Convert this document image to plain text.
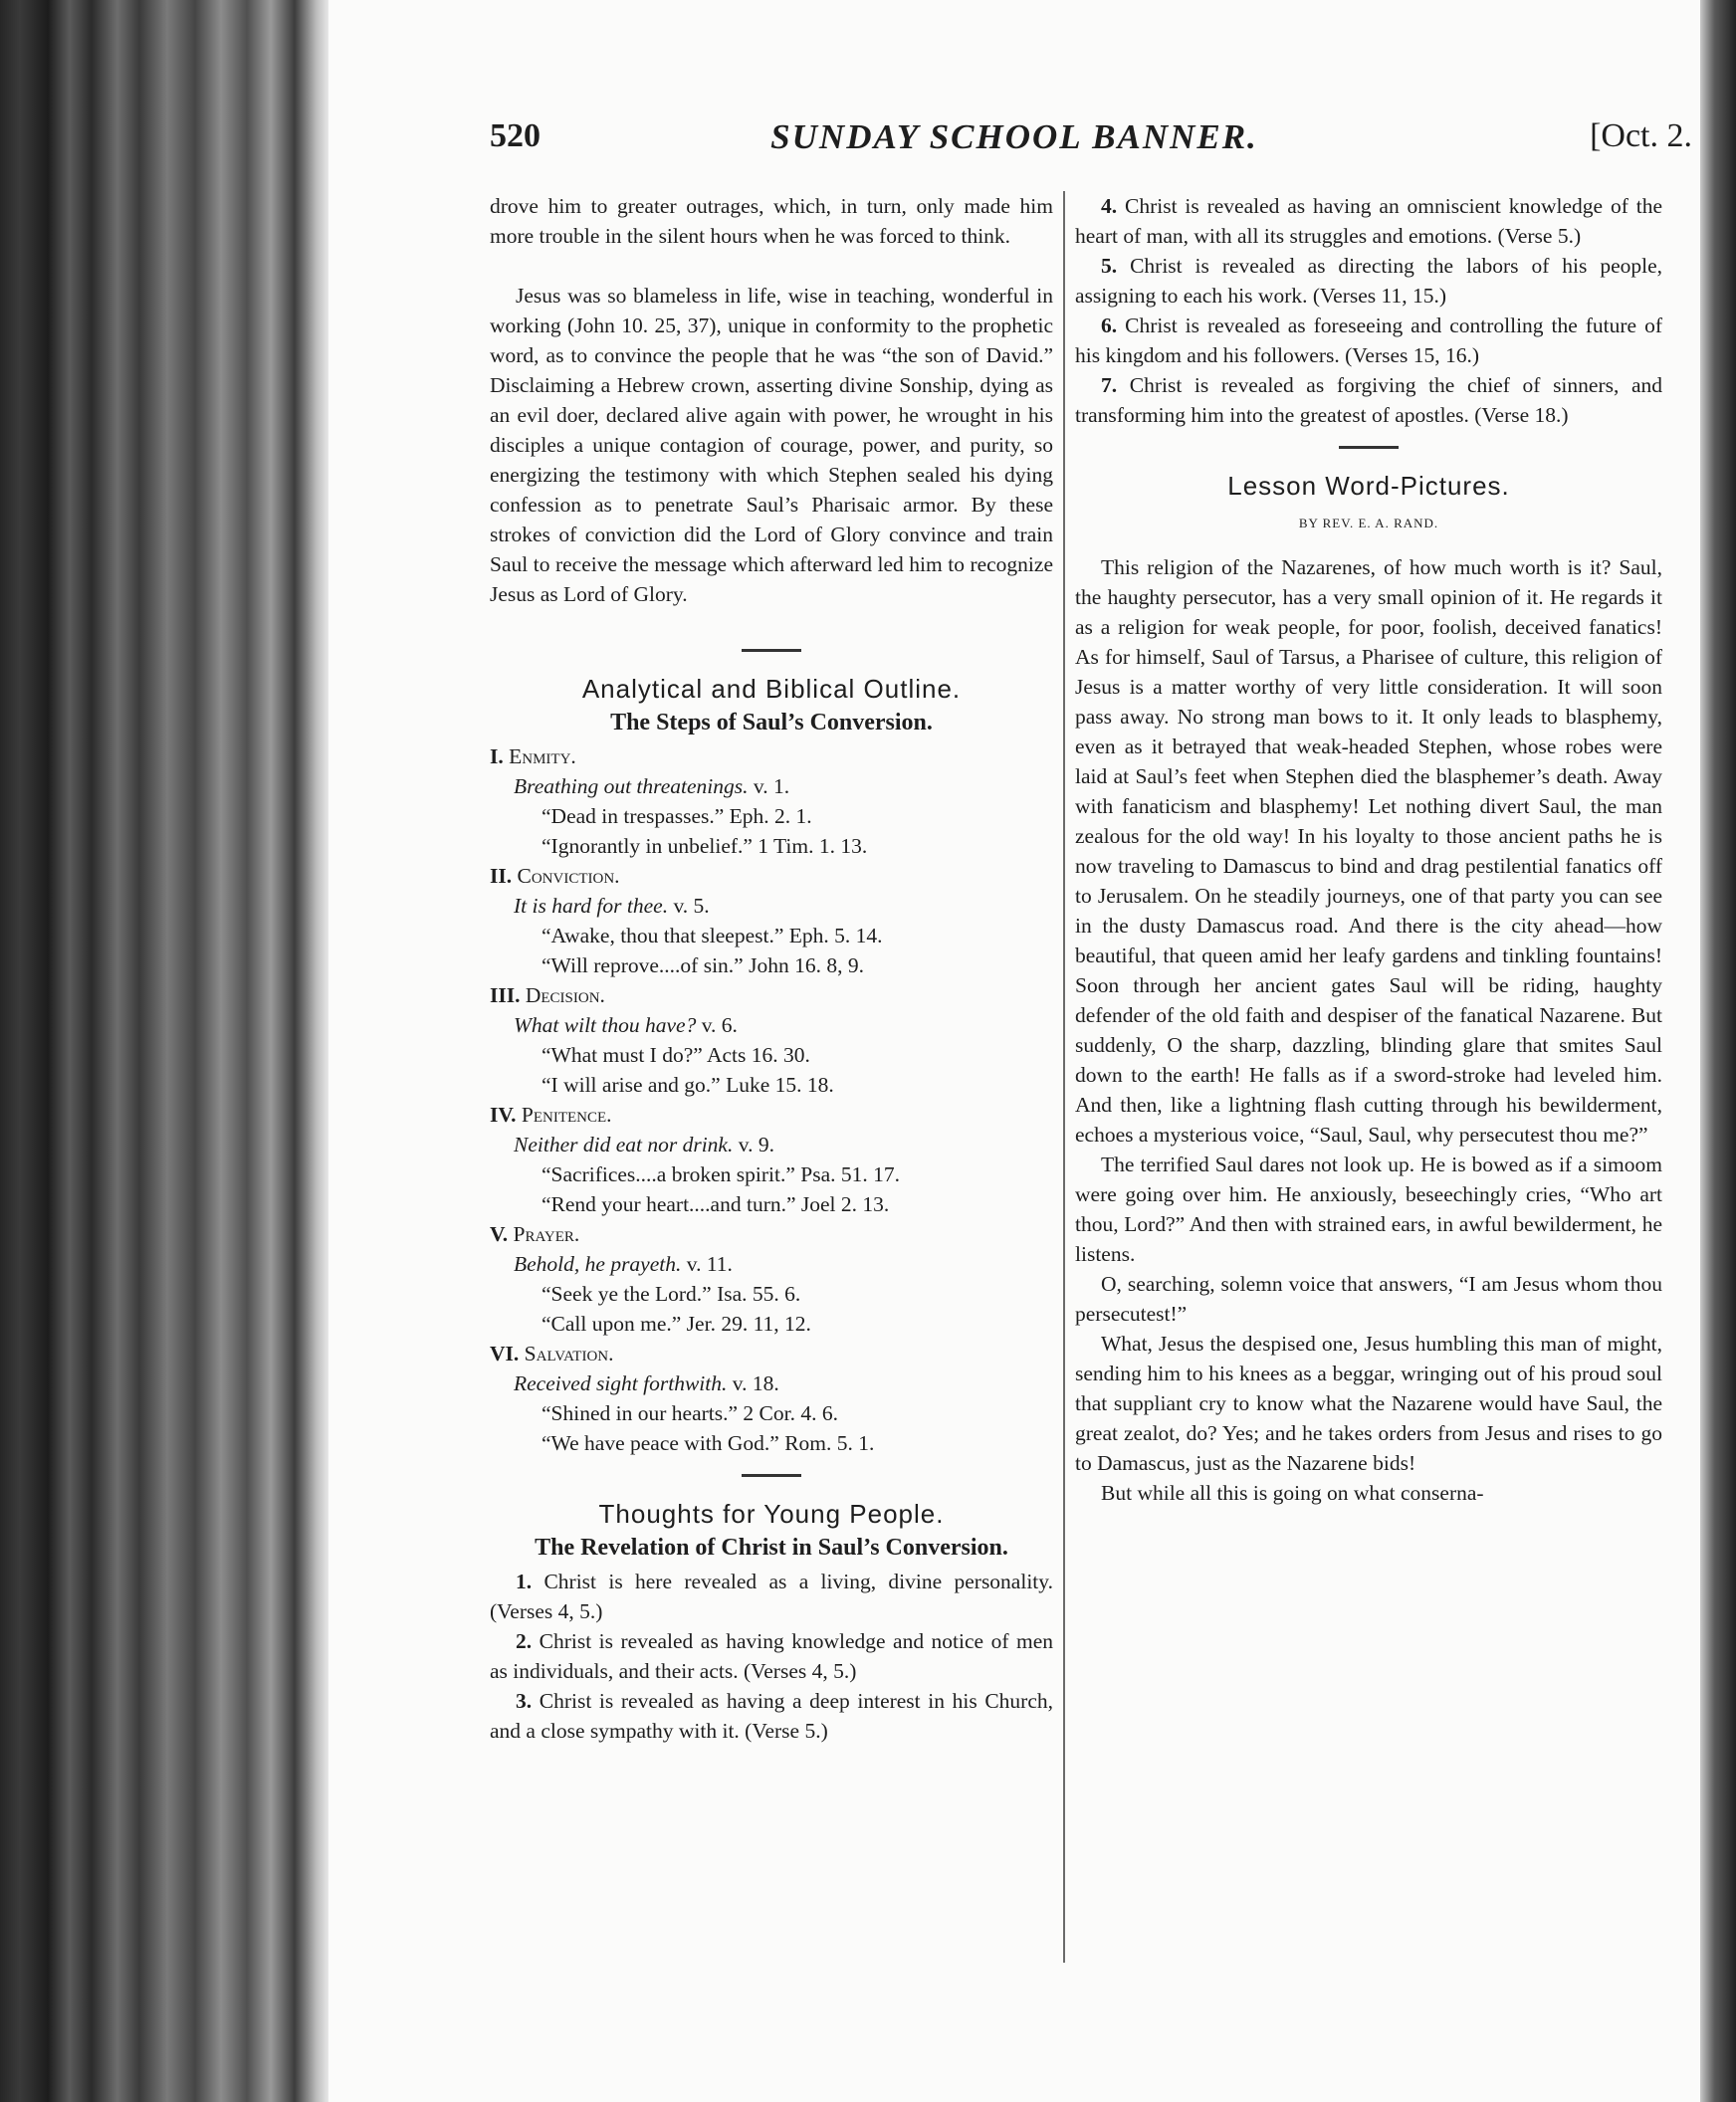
520	SUNDAY SCHOOL BANNER.	[Oct. 2.

drove him to greater outrages, which, in turn, only made him more trouble in the silent hours when he was forced to think.

Jesus was so blameless in life, wise in teaching, wonderful in working (John 10. 25, 37), unique in conformity to the prophetic word, as to convince the people that he was “the son of David.” Disclaiming a Hebrew crown, asserting divine Sonship, dying as an evil doer, declared alive again with power, he wrought in his disciples a unique contagion of courage, power, and purity, so energizing the testimony with which Stephen sealed his dying confession as to penetrate Saul’s Pharisaic armor. By these strokes of conviction did the Lord of Glory convince and train Saul to receive the message which afterward led him to recognize Jesus as Lord of Glory.

Analytical and Biblical Outline.
The Steps of Saul’s Conversion.
I. Enmity.
Breathing out threatenings. v. 1.
“Dead in trespasses.” Eph. 2. 1.
“Ignorantly in unbelief.” 1 Tim. 1. 13.
II. Conviction.
It is hard for thee. v. 5.
“Awake, thou that sleepest.” Eph. 5. 14.
“Will reprove....of sin.” John 16. 8, 9.
III. Decision.
What wilt thou have? v. 6.
“What must I do?” Acts 16. 30.
“I will arise and go.” Luke 15. 18.
IV. Penitence.
Neither did eat nor drink. v. 9.
“Sacrifices....a broken spirit.” Psa. 51. 17.
“Rend your heart....and turn.” Joel 2. 13.
V. Prayer.
Behold, he prayeth. v. 11.
“Seek ye the Lord.” Isa. 55. 6.
“Call upon me.” Jer. 29. 11, 12.
VI. Salvation.
Received sight forthwith. v. 18.
“Shined in our hearts.” 2 Cor. 4. 6.
“We have peace with God.” Rom. 5. 1.
Thoughts for Young People.
The Revelation of Christ in Saul’s Conversion.

1. Christ is here revealed as a living, divine personality. (Verses 4, 5.)

2. Christ is revealed as having knowledge and notice of men as individuals, and their acts. (Verses 4, 5.)

3. Christ is revealed as having a deep interest in his Church, and a close sympathy with it. (Verse 5.)

4. Christ is revealed as having an omniscient knowledge of the heart of man, with all its struggles and emotions. (Verse 5.)

5. Christ is revealed as directing the labors of his people, assigning to each his work. (Verses 11, 15.)

6. Christ is revealed as foreseeing and controlling the future of his kingdom and his followers. (Verses 15, 16.)

7. Christ is revealed as forgiving the chief of sinners, and transforming him into the greatest of apostles. (Verse 18.)

Lesson Word-Pictures.
BY REV. E. A. RAND.

This religion of the Nazarenes, of how much worth is it? Saul, the haughty persecutor, has a very small opinion of it. He regards it as a religion for weak people, for poor, foolish, deceived fanatics! As for himself, Saul of Tarsus, a Pharisee of culture, this religion of Jesus is a matter worthy of very little consideration. It will soon pass away. No strong man bows to it. It only leads to blasphemy, even as it betrayed that weak-headed Stephen, whose robes were laid at Saul’s feet when Stephen died the blasphemer’s death. Away with fanaticism and blasphemy! Let nothing divert Saul, the man zealous for the old way! In his loyalty to those ancient paths he is now traveling to Damascus to bind and drag pestilential fanatics off to Jerusalem. On he steadily journeys, one of that party you can see in the dusty Damascus road. And there is the city ahead—how beautiful, that queen amid her leafy gardens and tinkling fountains! Soon through her ancient gates Saul will be riding, haughty defender of the old faith and despiser of the fanatical Nazarene. But suddenly, O the sharp, dazzling, blinding glare that smites Saul down to the earth! He falls as if a sword-stroke had leveled him. And then, like a lightning flash cutting through his bewilderment, echoes a mysterious voice, “Saul, Saul, why persecutest thou me?”

The terrified Saul dares not look up. He is bowed as if a simoom were going over him. He anxiously, beseechingly cries, “Who art thou, Lord?” And then with strained ears, in awful bewilderment, he listens.

O, searching, solemn voice that answers, “I am Jesus whom thou persecutest!”

What, Jesus the despised one, Jesus humbling this man of might, sending him to his knees as a beggar, wringing out of his proud soul that suppliant cry to know what the Nazarene would have Saul, the great zealot, do? Yes; and he takes orders from Jesus and rises to go to Damascus, just as the Nazarene bids!

But while all this is going on what conserna-
